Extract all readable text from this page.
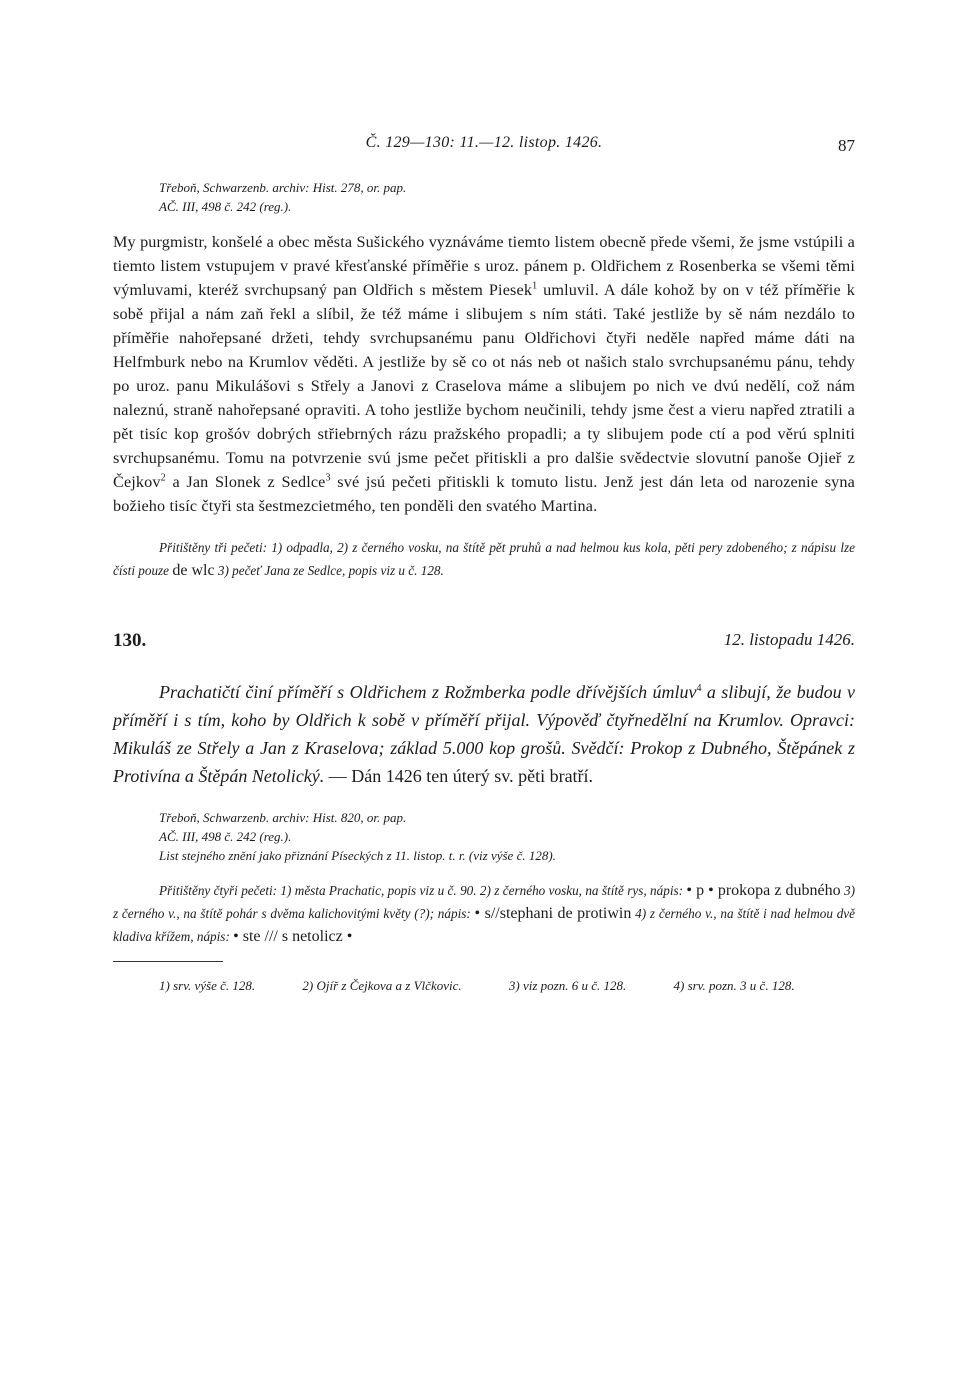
Č. 129—130: 11.—12. listop. 1426.	87
Třeboň, Schwarzenb. archiv: Hist. 278, or. pap.
AČ. III, 498 č. 242 (reg.).

My purgmistr, konšelé a obec města Sušického vyznáváme tiemto listem obecně přede všemi, že jsme vstúpili a tiemto listem vstupujem v pravé křesťanské příměřie s uroz. pánem p. Oldřichem z Rosenberka se všemi těmi výmluvami, kteréž svrchupsaný pan Oldřich s městem Piesek$^1$ umluvil. A dále kohož by on v též příměřie k sobě přijal a nám zaň řekl a slíbil, že též máme i slibujem s ním státi. Také jestliže by sě nám nezdálo to příměřie nahořepsané držeti, tehdy svrchupsanému panu Oldřichovi čtyři neděle napřed máme dáti na Helfmburk nebo na Krumlov věděti. A jestliže by sě co ot nás neb ot našich stalo svrchupsanému pánu, tehdy po uroz. panu Mikulášovi s Střely a Janovi z Craselova máme a slibujem po nich ve dvú nedělí, což nám naleznú, straně nahořepsané opraviti. A toho jestliže bychom neučinili, tehdy jsme čest a vieru napřed ztratili a pět tisíc kop grošóv dobrých střiebrných rázu pražského propadli; a ty slibujem pode ctí a pod věrú splniti svrchupsanému. Tomu na potvrzenie svú jsme pečet přitiskli a pro dalšie svědectvie slovutní panoše Ojieř z Čejkov$^2$ a Jan Slonek z Sedlce$^3$ své jsú pečeti přitiskli k tomuto listu. Jenž jest dán leta od narozenie syna božieho tisíc čtyři sta šestmezcietmého, ten ponděli den svatého Martina.

Přitištěny tři pečeti: 1) odpadla, 2) z černého vosku, na štítě pět pruhů a nad helmou kus kola, pěti pery zdobeného; z nápisu lze čísti pouze de wlc 3) pečeť Jana ze Sedlce, popis viz u č. 128.

130.	12. listopadu 1426.

Prachatičtí činí příměří s Oldřichem z Rožmberka podle dřívějších úmluv$^4$ a slibují, že budou v příměří i s tím, koho by Oldřich k sobě v příměří přijal. Výpověď čtyřnedělní na Krumlov. Opravci: Mikuláš ze Střely a Jan z Kraselova; základ 5.000 kop grošů. Svědčí: Prokop z Dubného, Štěpánek z Protivína a Štěpán Netolický. — Dán 1426 ten úterý sv. pěti bratří.

Třeboň, Schwarzenb. archiv: Hist. 820, or. pap.
AČ. III, 498 č. 242 (reg.).
List stejného znění jako přiznání Píseckých z 11. listop. t. r. (viz výše č. 128).

Přitištěny čtyři pečeti: 1) města Prachatic, popis viz u č. 90. 2) z černého vosku, na štítě rys, nápis: • p • prokopa z dubného 3) z černého v., na štítě pohár s dvěma kalichovitými květy (?); nápis: • s//stephani de protiwin 4) z černého v., na štítě i nad helmou dvě kladiva křížem, nápis: • ste /// s netolicz •

1) srv. výše č. 128.	2) Ojíř z Čejkova a z Vlčkovic.	3) viz pozn. 6 u č. 128.	4) srv. pozn. 3 u č. 128.
